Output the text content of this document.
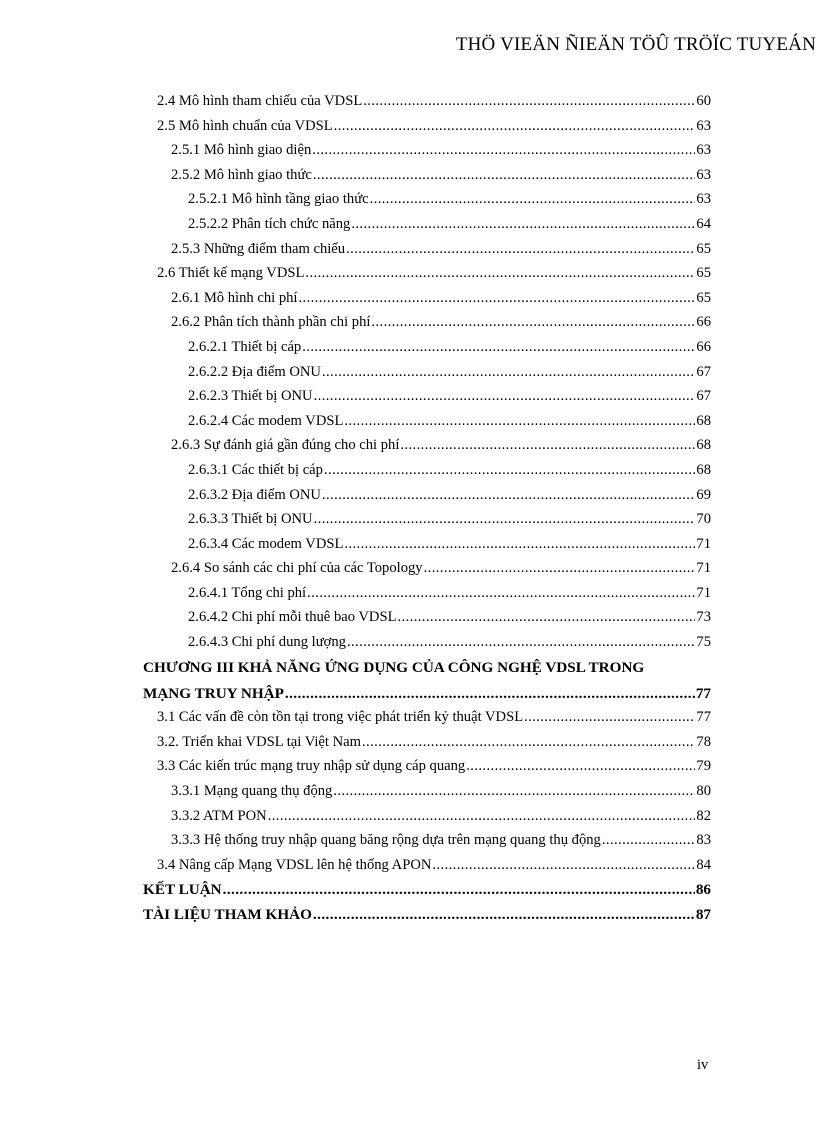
THÖ VIEÄN ÑIEÄN TÖÛ TRÖÏC TUYEÁN
2.4 Mô hình tham chiếu của VDSL .....	60
2.5 Mô hình chuẩn của VDSL .....	63
2.5.1 Mô hình giao diện .....	63
2.5.2 Mô hình giao thức .....	63
2.5.2.1 Mô hình tầng giao thức .....	63
2.5.2.2 Phân tích chức năng .....	64
2.5.3 Những điểm tham chiếu .....	65
2.6 Thiết kế mạng VDSL .....	65
2.6.1 Mô hình chi phí .....	65
2.6.2 Phân tích thành phần chi phí .....	66
2.6.2.1 Thiết bị cáp .....	66
2.6.2.2 Địa điểm ONU .....	67
2.6.2.3 Thiết bị ONU .....	67
2.6.2.4 Các modem VDSL .....	68
2.6.3 Sự đánh giá gần đúng cho chi phí .....	68
2.6.3.1 Các thiết bị cáp .....	68
2.6.3.2 Địa điểm ONU .....	69
2.6.3.3 Thiết bị ONU .....	70
2.6.3.4 Các modem VDSL .....	71
2.6.4 So sánh các chi phí của các Topology .....	71
2.6.4.1 Tổng chi phí .....	71
2.6.4.2 Chi phí mỗi thuê bao VDSL .....	73
2.6.4.3 Chi phí dung lượng .....	75
CHƯƠNG III KHẢ NĂNG ỨNG DỤNG CỦA CÔNG NGHỆ VDSL TRONG
MẠNG TRUY NHẬP .....	77
3.1 Các vấn đề còn tồn tại trong việc phát triển kỷ thuật VDSL .....	77
3.2. Triển khai VDSL tại Việt Nam .....	78
3.3 Các kiến trúc mạng truy nhập sử dụng cáp quang .....	79
3.3.1 Mạng quang thụ động .....	80
3.3.2 ATM PON .....	82
3.3.3 Hệ thống truy nhập quang băng rộng dựa trên mạng quang thụ động .....	83
3.4 Nâng cấp Mạng VDSL lên hệ thống APON .....	84
KẾT LUẬN .....	86
TÀI LIỆU THAM KHẢO .....	87
iv
